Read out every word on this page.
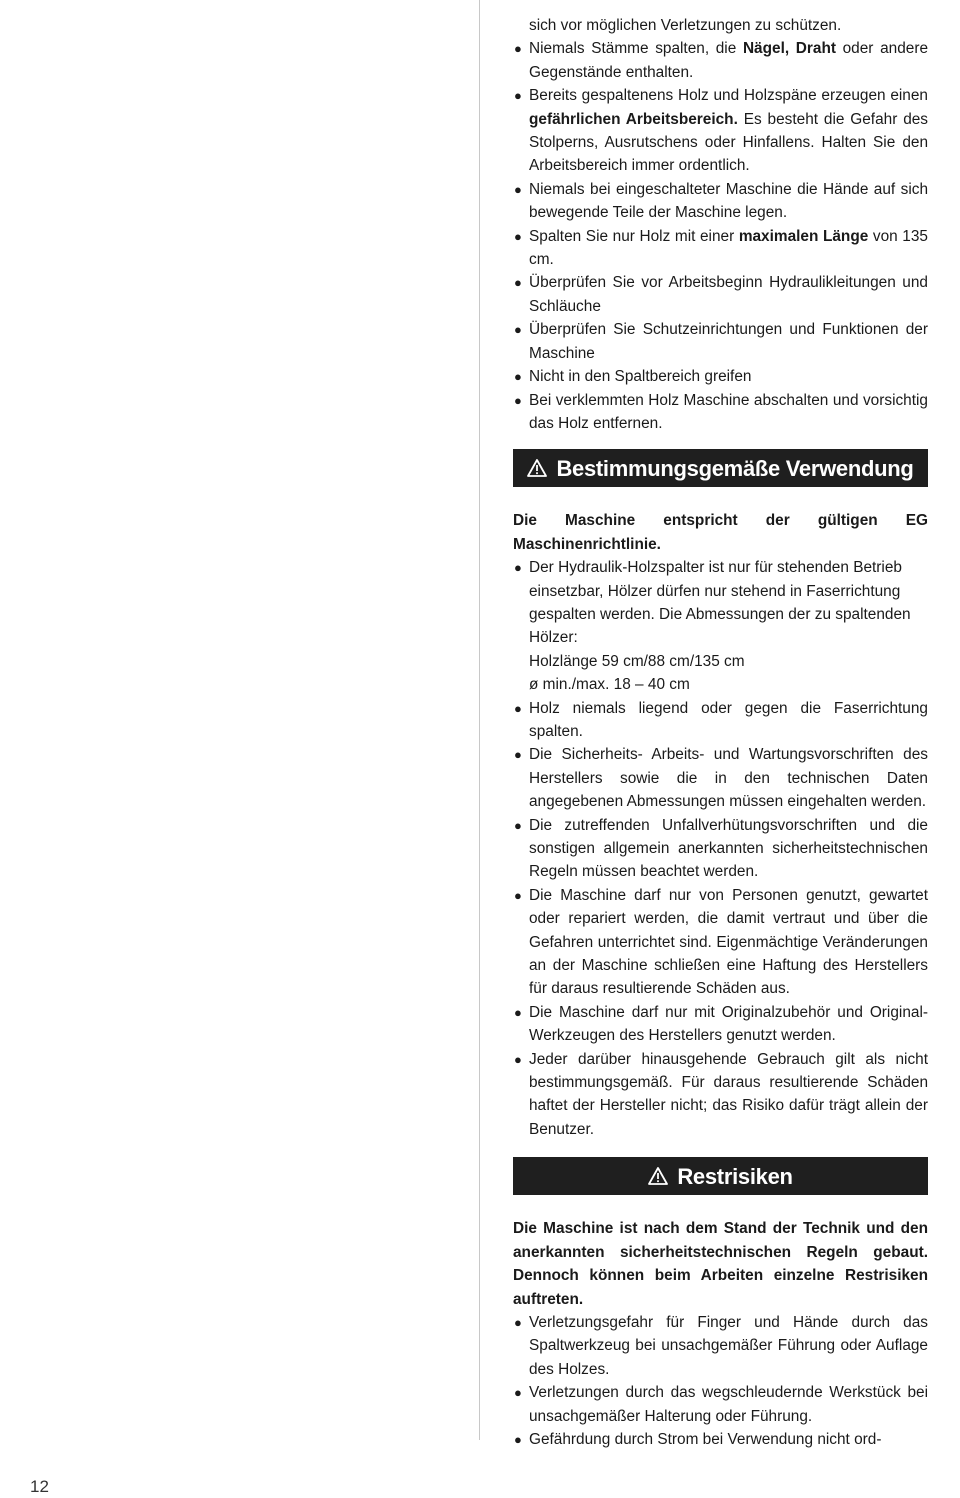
sich vor möglichen Verletzungen zu schützen.

● Niemals Stämme spalten, die Nägel, Draht oder andere Gegenstände enthalten.

● Bereits gespaltenens Holz und Holzspäne erzeugen einen gefährlichen Arbeitsbereich. Es besteht die Gefahr des Stolperns, Ausrutschens oder Hinfallens. Halten Sie den Arbeitsbereich immer ordentlich.

● Niemals bei eingeschalteter Maschine die Hände auf sich bewegende Teile der Maschine legen.

● Spalten Sie nur Holz mit einer maximalen Länge von 135 cm.

● Überprüfen Sie vor Arbeitsbeginn Hydraulikleitungen und Schläuche

● Überprüfen Sie Schutzeinrichtungen und Funktionen der Maschine

● Nicht in den Spaltbereich greifen

● Bei verklemmten Holz Maschine abschalten und vorsichtig das Holz entfernen.

Bestimmungsgemäße Verwendung

Die Maschine entspricht der gültigen EG Maschinenrichtlinie.

● Der Hydraulik-Holzspalter ist nur für stehenden Betrieb einsetzbar, Hölzer dürfen nur stehend in Faserrichtung gespalten werden. Die Abmessungen der zu spaltenden Hölzer:
Holzlänge 59 cm/88 cm/135 cm
ø min./max. 18 – 40 cm

● Holz niemals liegend oder gegen die Faserrichtung spalten.

● Die Sicherheits- Arbeits- und Wartungsvorschriften des Herstellers sowie die in den technischen Daten angegebenen Abmessungen müssen eingehalten werden.

● Die zutreffenden Unfallverhütungsvorschriften und die sonstigen allgemein anerkannten sicherheitstechnischen Regeln müssen beachtet werden.

● Die Maschine darf nur von Personen genutzt, gewartet oder repariert werden, die damit vertraut und über die Gefahren unterrichtet sind. Eigenmächtige Veränderungen an der Maschine schließen eine Haftung des Herstellers für daraus resultierende Schäden aus.

● Die Maschine darf nur mit Originalzubehör und Original-Werkzeugen des Herstellers genutzt werden.

● Jeder darüber hinausgehende Gebrauch gilt als nicht bestimmungsgemäß. Für daraus resultierende Schäden haftet der Hersteller nicht; das Risiko dafür trägt allein der Benutzer.

Restrisiken

Die Maschine ist nach dem Stand der Technik und den anerkannten sicherheitstechnischen Regeln gebaut. Dennoch können beim Arbeiten einzelne Restrisiken auftreten.

● Verletzungsgefahr für Finger und Hände durch das Spaltwerkzeug bei unsachgemäßer Führung oder Auflage des Holzes.

● Verletzungen durch das wegschleudernde Werkstück bei unsachgemäßer Halterung oder Führung.

● Gefährdung durch Strom bei Verwendung nicht ord-

12
